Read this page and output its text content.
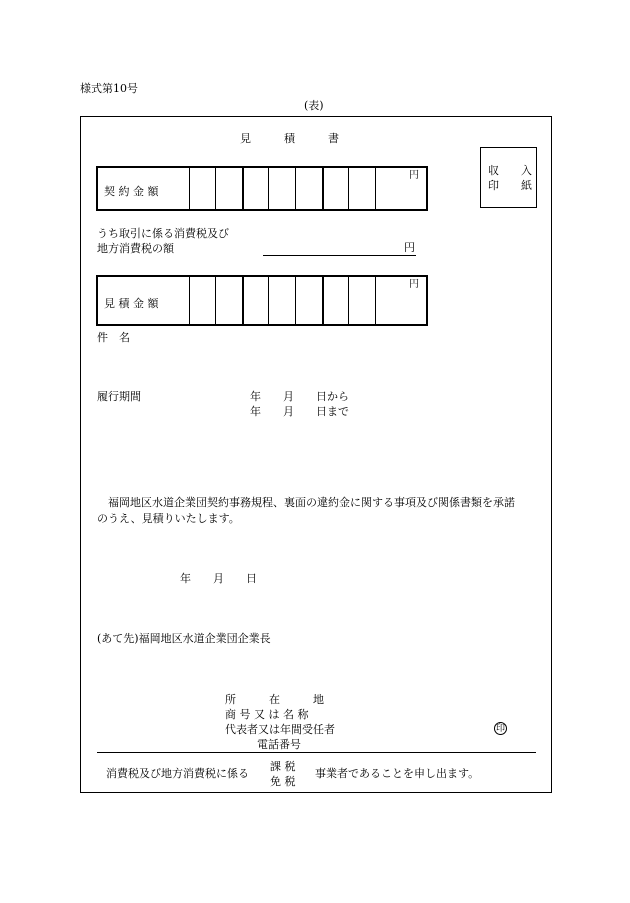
様式第10号
(表)
見　　　積　　　書
収　　入
印　　紙
契 約 金 額
円
うち取引に係る消費税及び
地方消費税の額	円
見 積 金 額
円
件　名
履行期間	年　　月　　日から
年　　月　　日まで
　福岡地区水道企業団契約事務規程、裏面の違約金に関する事項及び関係書類を承諾
のうえ、見積りいたします。
年　　月　　日
(あて先)福岡地区水道企業団企業長
所　　　在　　　地
商 号 又 は 名 称
代表者又は年間受任者
電話番号
印
消費税及び地方消費税に係る
課 税
免 税
事業者であることを申し出ます。
